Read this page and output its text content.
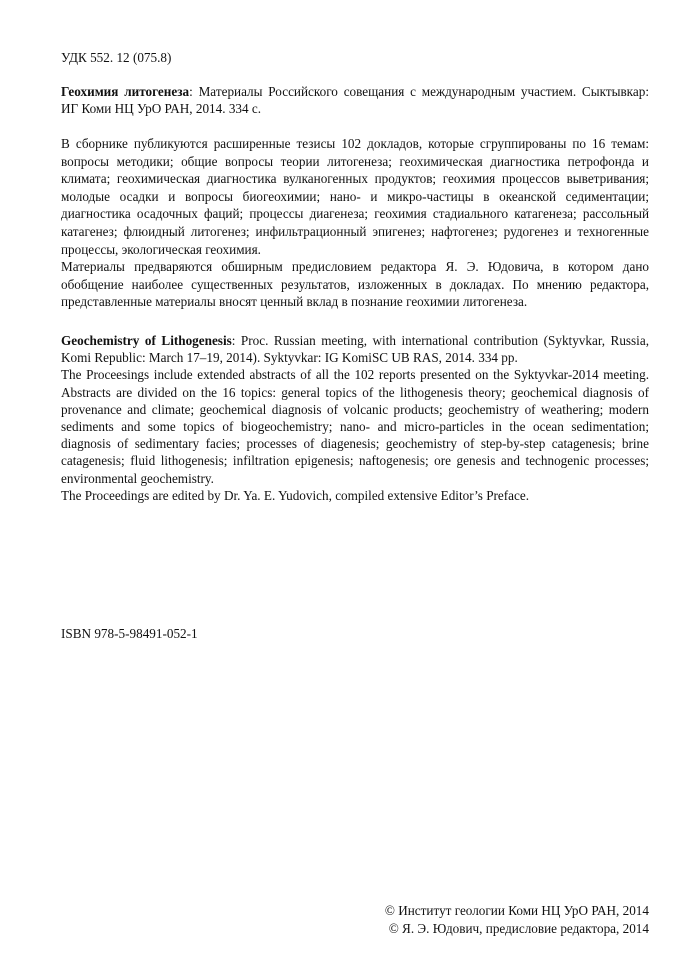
УДК 552. 12 (075.8)
Геохимия литогенеза: Материалы Российского совещания с международным участием. Сыктывкар: ИГ Коми НЦ УрО РАН, 2014. 334 с.

В сборнике публикуются расширенные тезисы 102 докладов, которые сгруппированы по 16 темам: вопросы методики; общие вопросы теории литогенеза; геохимическая диагностика петрофонда и климата; геохимическая диагностика вулканогенных продуктов; геохимия процессов выветривания; молодые осадки и вопросы биогеохимии; нано- и микро-частицы в океанской седиментации; диагностика осадочных фаций; процессы диагенеза; геохимия стадиального катагенеза; рассольный катагенез; флюидный литогенез; инфильтрационный эпигенез; нафтогенез; рудогенез и техногенные процессы, экологическая геохимия.

Материалы предваряются обширным предисловием редактора Я. Э. Юдовича, в котором дано обобщение наиболее существенных результатов, изложенных в докладах. По мнению редактора, представленные материалы вносят ценный вклад в познание геохимии литогенеза.

Geochemistry of Lithogenesis: Proc. Russian meeting, with international contribution (Syktyvkar, Russia, Komi Republic: March 17–19, 2014). Syktyvkar: IG KomiSC UB RAS, 2014. 334 pp.

The Proceesings include extended abstracts of all the 102 reports presented on the Syktyvkar-2014 meeting. Abstracts are divided on the 16 topics: general topics of the lithogenesis theory; geochemical diagnosis of provenance and climate; geochemical diagnosis of volcanic products; geochemistry of weathering; modern sediments and some topics of biogeochemistry; nano- and micro-particles in the ocean sedimentation; diagnosis of sedimentary facies; processes of diagenesis; geochemistry of step-by-step catagenesis; brine catagenesis; fluid lithogenesis; infiltration epigenesis; naftogenesis; ore genesis and technogenic processes; environmental geochemistry.

The Proceedings are edited by Dr. Ya. E. Yudovich, compiled extensive Editor’s Preface.

ISBN 978-5-98491-052-1
© Институт геологии Коми НЦ УрО РАН, 2014
© Я. Э. Юдович, предисловие редактора, 2014
